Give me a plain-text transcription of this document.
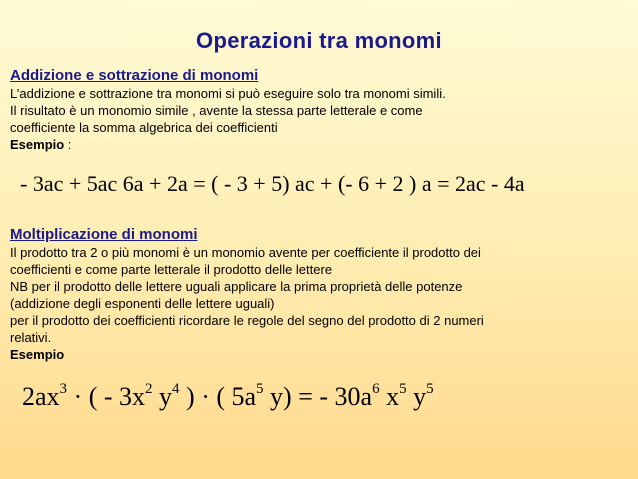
Operazioni tra monomi
Addizione e sottrazione di monomi

L’addizione e sottrazione tra monomi si può eseguire solo tra monomi simili.

Il risultato è un monomio simile , avente la stessa parte letterale e come

coefficiente la somma algebrica dei coefficienti

Esempio :

- 3ac + 5ac 6a + 2a = ( - 3 + 5) ac + (- 6 + 2 ) a = 2ac - 4a
Moltiplicazione di monomi

Il prodotto tra 2 o più monomi è un monomio avente per coefficiente il prodotto dei

coefficienti e come parte letterale il prodotto delle lettere

NB per il prodotto delle lettere uguali applicare la prima proprietà delle potenze

(addizione degli esponenti delle lettere uguali)

per il prodotto dei coefficienti ricordare le regole del segno del prodotto di 2 numeri

relativi.

Esempio

$2ax^3$ · ( - $3x^2$ $y^4$ ) · ( $5a^5$ y) = - $30a^6$ $x^5$ $y^5$
